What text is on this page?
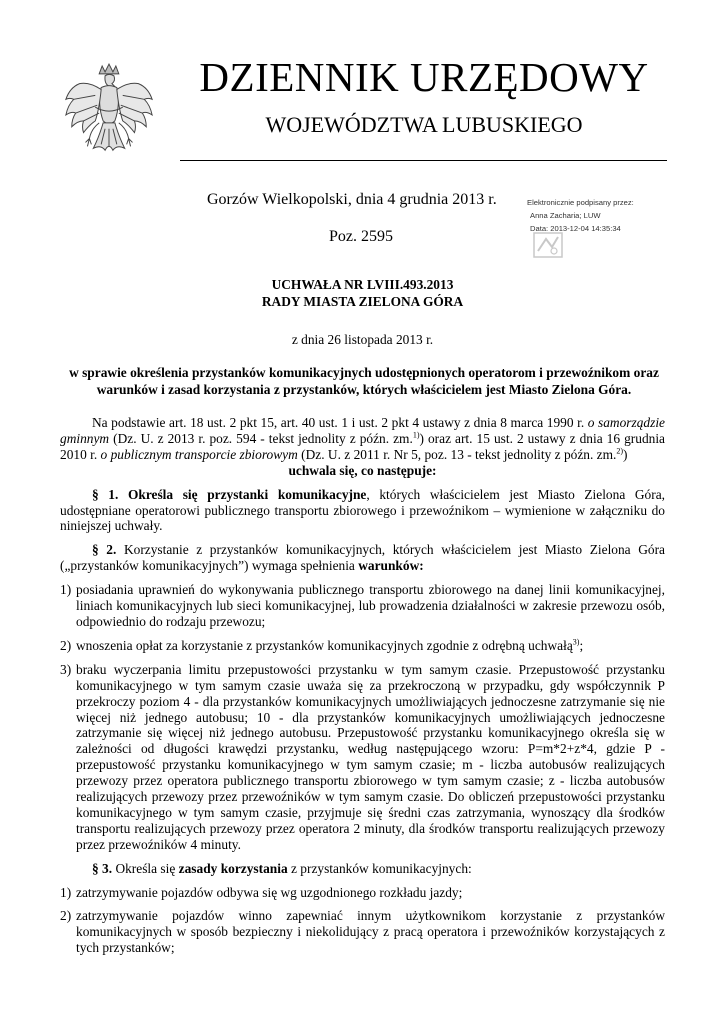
DZIENNIK URZĘDOWY
WOJEWÓDZTWA LUBUSKIEGO
Gorzów Wielkopolski, dnia 4 grudnia 2013 r.
Poz. 2595
Elektronicznie podpisany przez:
Anna Zacharia; LUW
Data: 2013-12-04 14:35:34
UCHWAŁA NR LVIII.493.2013
RADY MIASTA ZIELONA GÓRA
z dnia 26 listopada 2013 r.
w sprawie określenia przystanków komunikacyjnych udostępnionych operatorom i przewoźnikom oraz warunków i zasad korzystania z przystanków, których właścicielem jest Miasto Zielona Góra.

Na podstawie art. 18 ust. 2 pkt 15, art. 40 ust. 1 i ust. 2 pkt 4 ustawy z dnia 8 marca 1990 r. o samorządzie gminnym (Dz. U. z 2013 r. poz. 594 - tekst jednolity z późn. zm.$^{1)}$) oraz art. 15 ust. 2 ustawy z dnia 16 grudnia 2010 r. o publicznym transporcie zbiorowym (Dz. U. z 2011 r. Nr 5, poz. 13 - tekst jednolity z późn. zm.$^{2)}$)

uchwala się, co następuje:

§ 1. Określa się przystanki komunikacyjne, których właścicielem jest Miasto Zielona Góra, udostępniane operatorowi publicznego transportu zbiorowego i przewoźnikom – wymienione w załączniku do niniejszej uchwały.

§ 2. Korzystanie z przystanków komunikacyjnych, których właścicielem jest Miasto Zielona Góra („przystanków komunikacyjnych”) wymaga spełnienia warunków:

1) posiadania uprawnień do wykonywania publicznego transportu zbiorowego na danej linii komunikacyjnej, liniach komunikacyjnych lub sieci komunikacyjnej, lub prowadzenia działalności w zakresie przewozu osób, odpowiednio do rodzaju przewozu;
2) wnoszenia opłat za korzystanie z przystanków komunikacyjnych zgodnie z odrębną uchwałą$^{3)}$;
3) braku wyczerpania limitu przepustowości przystanku w tym samym czasie. Przepustowość przystanku komunikacyjnego w tym samym czasie uważa się za przekroczoną w przypadku, gdy współczynnik P przekroczy poziom 4 - dla przystanków komunikacyjnych umożliwiających jednoczesne zatrzymanie się nie więcej niż jednego autobusu; 10 - dla przystanków komunikacyjnych umożliwiających jednoczesne zatrzymanie się więcej niż jednego autobusu. Przepustowość przystanku komunikacyjnego określa się w zależności od długości krawędzi przystanku, według następującego wzoru: P=m*2+z*4, gdzie P - przepustowość przystanku komunikacyjnego w tym samym czasie; m - liczba autobusów realizujących przewozy przez operatora publicznego transportu zbiorowego w tym samym czasie; z - liczba autobusów realizujących przewozy przez przewoźników w tym samym czasie. Do obliczeń przepustowości przystanku komunikacyjnego w tym samym czasie, przyjmuje się średni czas zatrzymania, wynoszący dla środków transportu realizujących przewozy przez operatora 2 minuty, dla środków transportu realizujących przewozy przez przewoźników 4 minuty.

§ 3. Określa się zasady korzystania z przystanków komunikacyjnych:

1) zatrzymywanie pojazdów odbywa się wg uzgodnionego rozkładu jazdy;
2) zatrzymywanie pojazdów winno zapewniać innym użytkownikom korzystanie z przystanków komunikacyjnych w sposób bezpieczny i niekolidujący z pracą operatora i przewoźników korzystających z tych przystanków;
